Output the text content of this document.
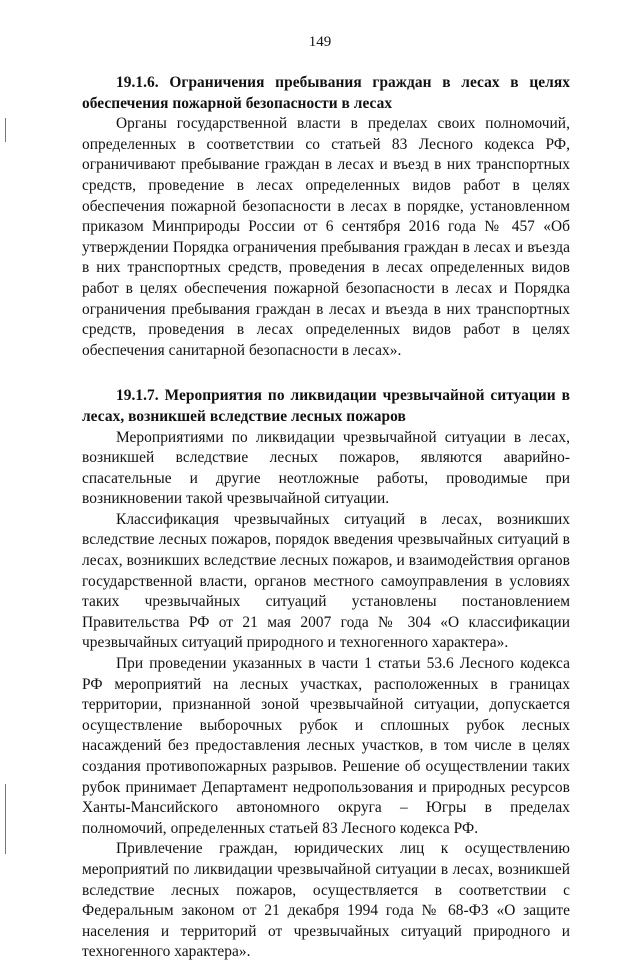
149

19.1.6. Ограничения пребывания граждан в лесах в целях обеспечения пожарной безопасности в лесах

Органы государственной власти в пределах своих полномочий, определенных в соответствии со статьей 83 Лесного кодекса РФ, ограничивают пребывание граждан в лесах и въезд в них транспортных средств, проведение в лесах определенных видов работ в целях обеспечения пожарной безопасности в лесах в порядке, установленном приказом Минприроды России от 6 сентября 2016 года № 457 «Об утверждении Порядка ограничения пребывания граждан в лесах и въезда в них транспортных средств, проведения в лесах определенных видов работ в целях обеспечения пожарной безопасности в лесах и Порядка ограничения пребывания граждан в лесах и въезда в них транспортных средств, проведения в лесах определенных видов работ в целях обеспечения санитарной безопасности в лесах».

19.1.7. Мероприятия по ликвидации чрезвычайной ситуации в лесах, возникшей вследствие лесных пожаров

Мероприятиями по ликвидации чрезвычайной ситуации в лесах, возникшей вследствие лесных пожаров, являются аварийно-спасательные и другие неотложные работы, проводимые при возникновении такой чрезвычайной ситуации.

Классификация чрезвычайных ситуаций в лесах, возникших вследствие лесных пожаров, порядок введения чрезвычайных ситуаций в лесах, возникших вследствие лесных пожаров, и взаимодействия органов государственной власти, органов местного самоуправления в условиях таких чрезвычайных ситуаций установлены постановлением Правительства РФ от 21 мая 2007 года № 304 «О классификации чрезвычайных ситуаций природного и техногенного характера».

При проведении указанных в части 1 статьи 53.6 Лесного кодекса РФ мероприятий на лесных участках, расположенных в границах территории, признанной зоной чрезвычайной ситуации, допускается осуществление выборочных рубок и сплошных рубок лесных насаждений без предоставления лесных участков, в том числе в целях создания противопожарных разрывов. Решение об осуществлении таких рубок принимает Департамент недропользования и природных ресурсов Ханты-Мансийского автономного округа – Югры в пределах полномочий, определенных статьей 83 Лесного кодекса РФ.

Привлечение граждан, юридических лиц к осуществлению мероприятий по ликвидации чрезвычайной ситуации в лесах, возникшей вследствие лесных пожаров, осуществляется в соответствии с Федеральным законом от 21 декабря 1994 года № 68-ФЗ «О защите населения и территорий от чрезвычайных ситуаций природного и техногенного характера».
